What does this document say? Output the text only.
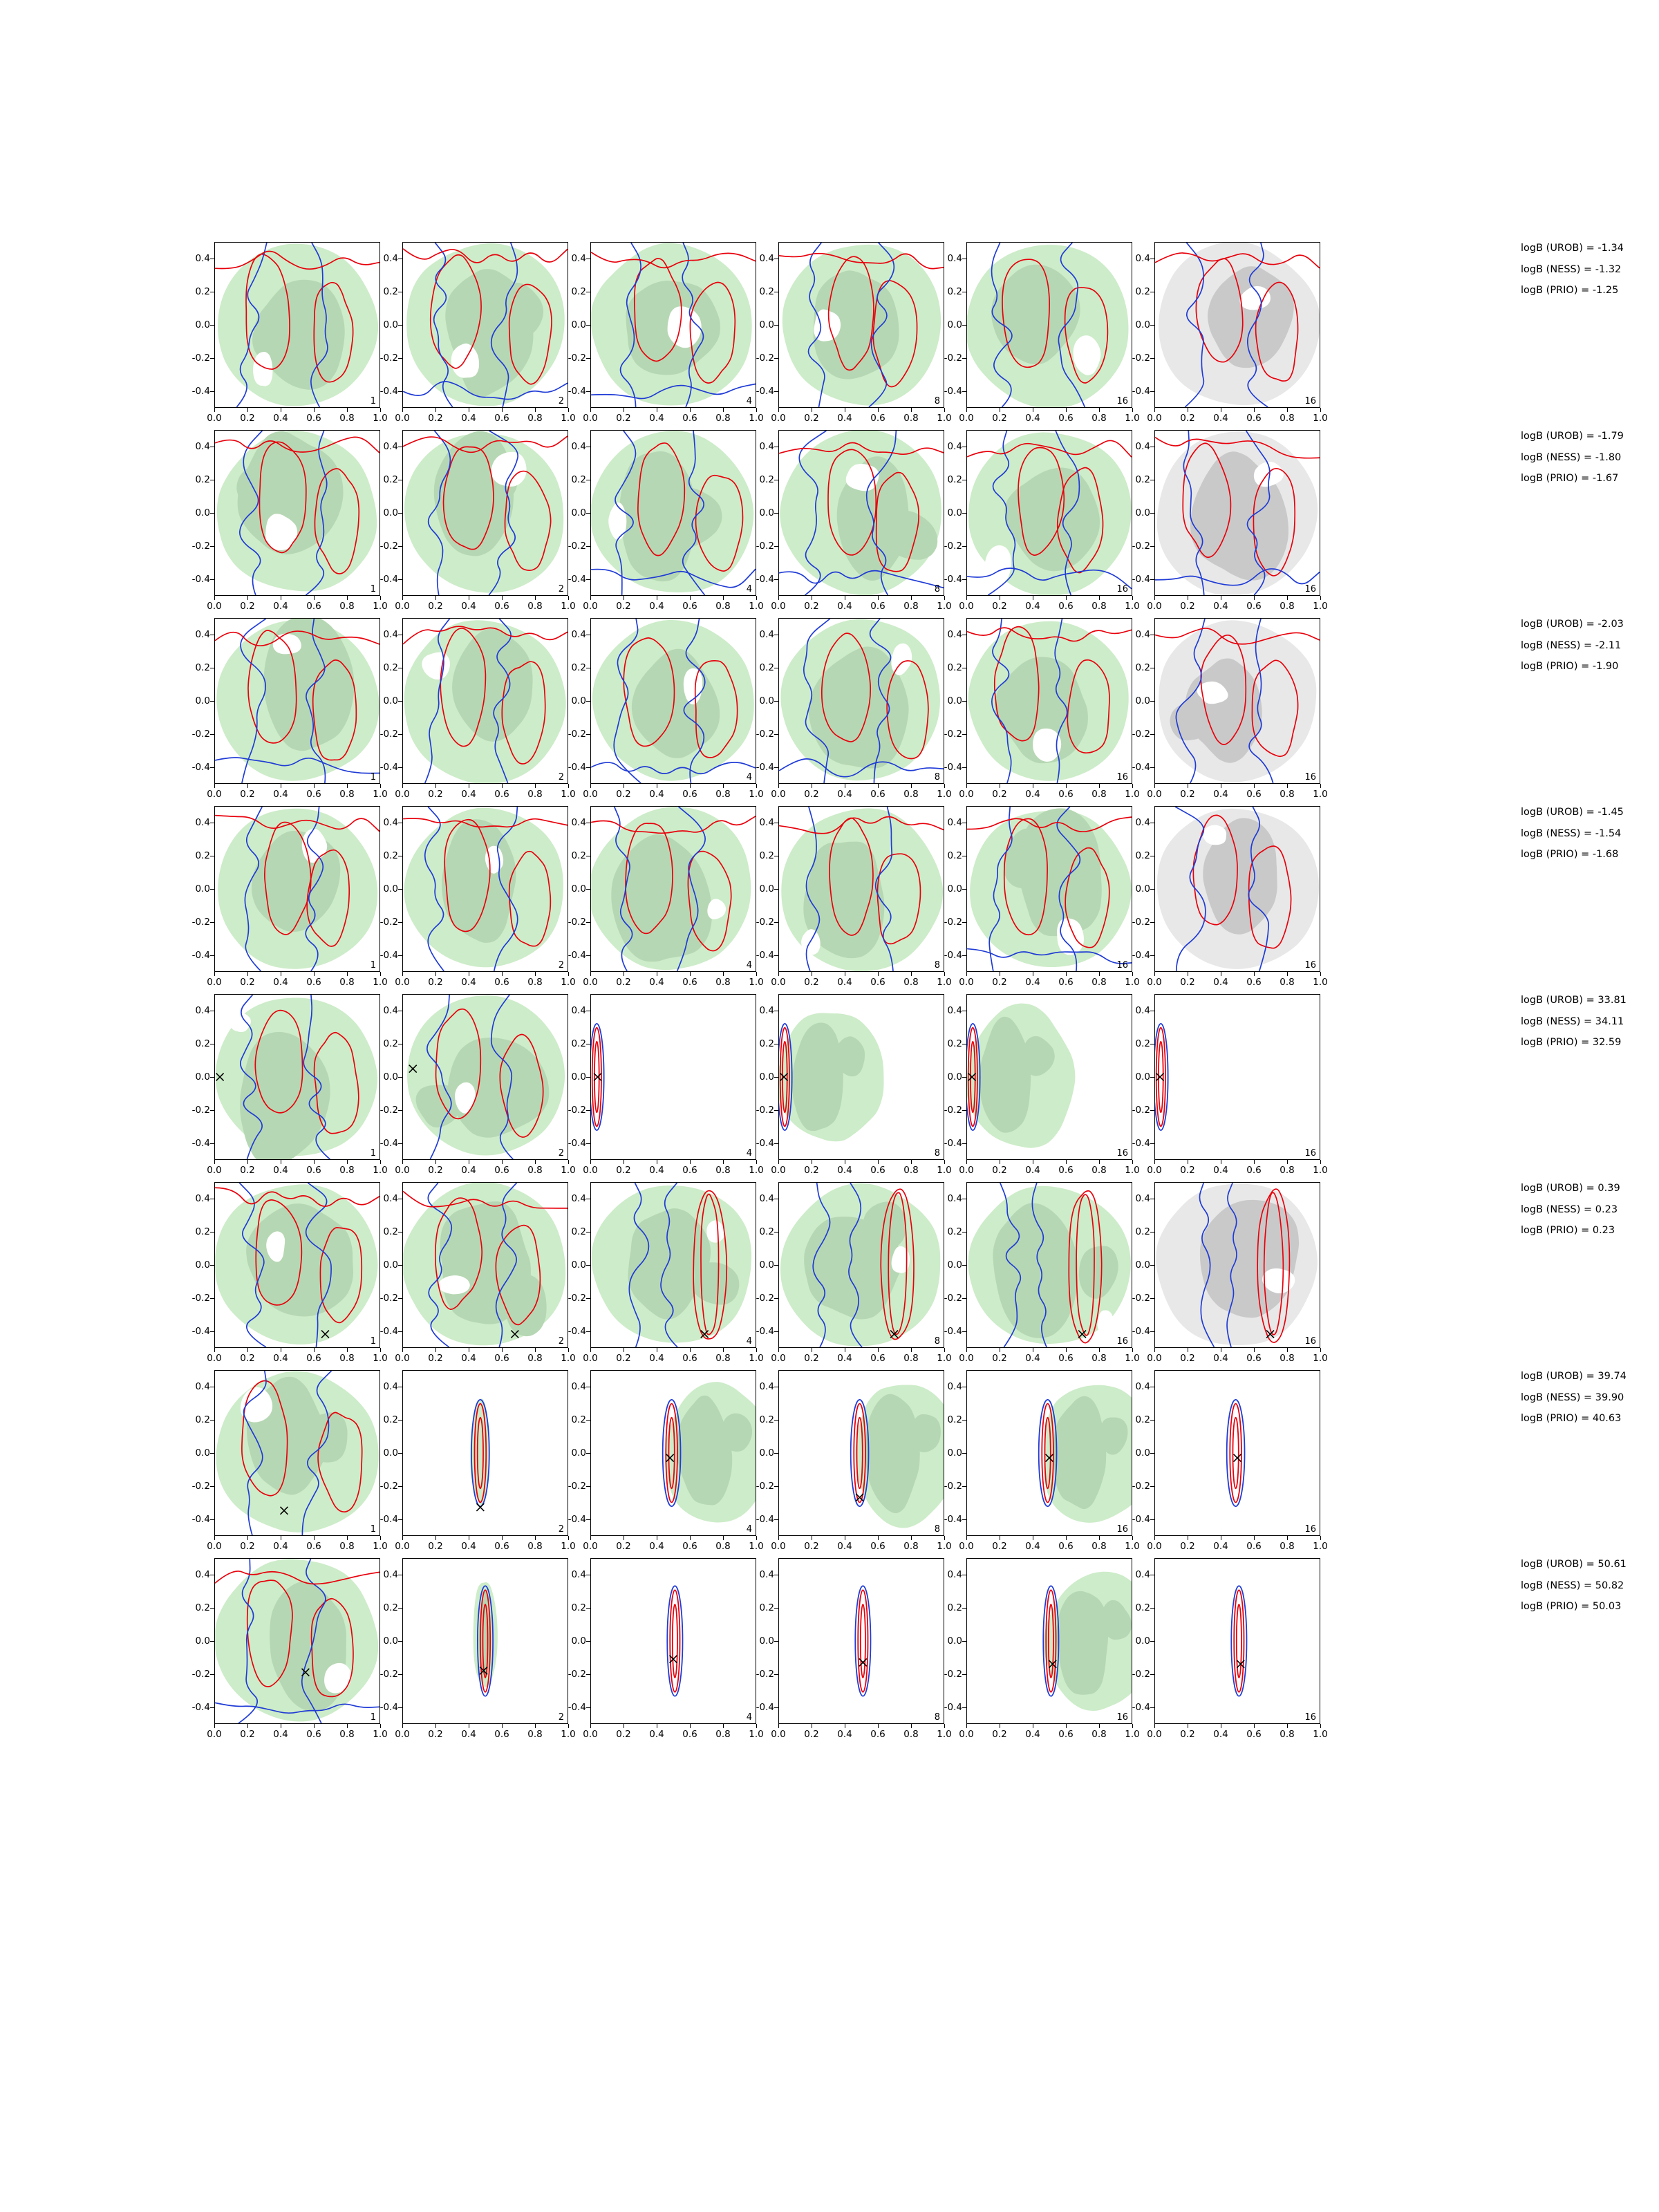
1
-0.4
-0.2
0.0
0.2
0.4
0.0 0.2 0.4 0.6 0.8 1.0
2
-0.4
-0.2
0.0
0.2
0.4
0.0 0.2 0.4 0.6 0.8 1.0
4
-0.4
-0.2
0.0
0.2
0.4
0.0 0.2 0.4 0.6 0.8 1.0
8
-0.4
-0.2
0.0
0.2
0.4
0.0 0.2 0.4 0.6 0.8 1.0
16
-0.4
-0.2
0.0
0.2
0.4
0.0 0.2 0.4 0.6 0.8 1.0
16
-0.4
-0.2
0.0
0.2
0.4
0.0 0.2 0.4 0.6 0.8 1.0
1
-0.4
-0.2
0.0
0.2
0.4
0.0 0.2 0.4 0.6 0.8 1.0
2
-0.4
-0.2
0.0
0.2
0.4
0.0 0.2 0.4 0.6 0.8 1.0
4
-0.4
-0.2
0.0
0.2
0.4
0.0 0.2 0.4 0.6 0.8 1.0
8
-0.4
-0.2
0.0
0.2
0.4
0.0 0.2 0.4 0.6 0.8 1.0
16
-0.4
-0.2
0.0
0.2
0.4
0.0 0.2 0.4 0.6 0.8 1.0
16
-0.4
-0.2
0.0
0.2
0.4
0.0 0.2 0.4 0.6 0.8 1.0
1
-0.4
-0.2
0.0
0.2
0.4
0.0 0.2 0.4 0.6 0.8 1.0
2
-0.4
-0.2
0.0
0.2
0.4
0.0 0.2 0.4 0.6 0.8 1.0
4
-0.4
-0.2
0.0
0.2
0.4
0.0 0.2 0.4 0.6 0.8 1.0
8
-0.4
-0.2
0.0
0.2
0.4
0.0 0.2 0.4 0.6 0.8 1.0
16
-0.4
-0.2
0.0
0.2
0.4
0.0 0.2 0.4 0.6 0.8 1.0
16
-0.4
-0.2
0.0
0.2
0.4
0.0 0.2 0.4 0.6 0.8 1.0
1
-0.4
-0.2
0.0
0.2
0.4
0.0 0.2 0.4 0.6 0.8 1.0
2
-0.4
-0.2
0.0
0.2
0.4
0.0 0.2 0.4 0.6 0.8 1.0
4
-0.4
-0.2
0.0
0.2
0.4
0.0 0.2 0.4 0.6 0.8 1.0
8
-0.4
-0.2
0.0
0.2
0.4
0.0 0.2 0.4 0.6 0.8 1.0
16
-0.4
-0.2
0.0
0.2
0.4
0.0 0.2 0.4 0.6 0.8 1.0
16
-0.4
-0.2
0.0
0.2
0.4
0.0 0.2 0.4 0.6 0.8 1.0
1
-0.4
-0.2
0.0
0.2
0.4
0.0 0.2 0.4 0.6 0.8 1.0
2
-0.4
-0.2
0.0
0.2
0.4
0.0 0.2 0.4 0.6 0.8 1.0
4
-0.4
-0.2
0.0
0.2
0.4
0.0 0.2 0.4 0.6 0.8 1.0
8
-0.4
-0.2
0.0
0.2
0.4
0.0 0.2 0.4 0.6 0.8 1.0
16
-0.4
-0.2
0.0
0.2
0.4
0.0 0.2 0.4 0.6 0.8 1.0
16
-0.4
-0.2
0.0
0.2
0.4
0.0 0.2 0.4 0.6 0.8 1.0
1
-0.4
-0.2
0.0
0.2
0.4
0.0 0.2 0.4 0.6 0.8 1.0
2
-0.4
-0.2
0.0
0.2
0.4
0.0 0.2 0.4 0.6 0.8 1.0
4
-0.4
-0.2
0.0
0.2
0.4
0.0 0.2 0.4 0.6 0.8 1.0
8
-0.4
-0.2
0.0
0.2
0.4
0.0 0.2 0.4 0.6 0.8 1.0
16
-0.4
-0.2
0.0
0.2
0.4
0.0 0.2 0.4 0.6 0.8 1.0
16
-0.4
-0.2
0.0
0.2
0.4
0.0 0.2 0.4 0.6 0.8 1.0
1
-0.4
-0.2
0.0
0.2
0.4
0.0 0.2 0.4 0.6 0.8 1.0
2
-0.4
-0.2
0.0
0.2
0.4
0.0 0.2 0.4 0.6 0.8 1.0
4
-0.4
-0.2
0.0
0.2
0.4
0.0 0.2 0.4 0.6 0.8 1.0
8
-0.4
-0.2
0.0
0.2
0.4
0.0 0.2 0.4 0.6 0.8 1.0
16
-0.4
-0.2
0.0
0.2
0.4
0.0 0.2 0.4 0.6 0.8 1.0
16
-0.4
-0.2
0.0
0.2
0.4
0.0 0.2 0.4 0.6 0.8 1.0
1
-0.4
-0.2
0.0
0.2
0.4
0.0 0.2 0.4 0.6 0.8 1.0
2
-0.4
-0.2
0.0
0.2
0.4
0.0 0.2 0.4 0.6 0.8 1.0
4
-0.4
-0.2
0.0
0.2
0.4
0.0 0.2 0.4 0.6 0.8 1.0
8
-0.4
-0.2
0.0
0.2
0.4
0.0 0.2 0.4 0.6 0.8 1.0
16
-0.4
-0.2
0.0
0.2
0.4
0.0 0.2 0.4 0.6 0.8 1.0
16
-0.4
-0.2
0.0
0.2
0.4
0.0 0.2 0.4 0.6 0.8 1.0
logB (UROB) = -1.34
logB (NESS) = -1.32
logB (PRIO) = -1.25
logB (UROB) = -1.79
logB (NESS) = -1.80
logB (PRIO) = -1.67
logB (UROB) = -2.03
logB (NESS) = -2.11
logB (PRIO) = -1.90
logB (UROB) = -1.45
logB (NESS) = -1.54
logB (PRIO) = -1.68
logB (UROB) = 33.81
logB (NESS) = 34.11
logB (PRIO) = 32.59
logB (UROB) = 0.39
logB (NESS) = 0.23
logB (PRIO) = 0.23
logB (UROB) = 39.74
logB (NESS) = 39.90
logB (PRIO) = 40.63
logB (UROB) = 50.61
logB (NESS) = 50.82
logB (PRIO) = 50.03
